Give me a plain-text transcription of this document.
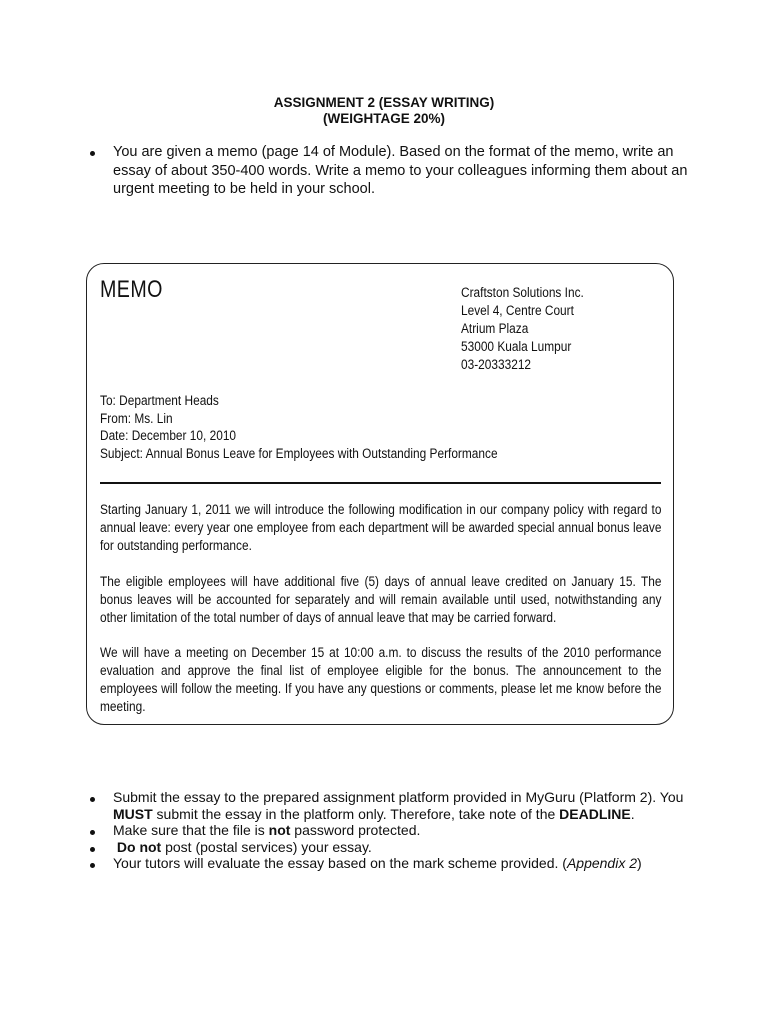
ASSIGNMENT 2 (ESSAY WRITING)
(WEIGHTAGE 20%)
You are given a memo (page 14 of Module). Based on the format of the memo, write an essay of about 350-400 words. Write a memo to your colleagues informing them about an urgent meeting to be held in your school.
MEMO	Craftston Solutions Inc.
Level 4, Centre Court
Atrium Plaza
53000 Kuala Lumpur
03-20333212
To: Department Heads
From: Ms. Lin
Date: December 10, 2010
Subject: Annual Bonus Leave for Employees with Outstanding Performance
Starting January 1, 2011 we will introduce the following modification in our company policy with regard to annual leave: every year one employee from each department will be awarded special annual bonus leave for outstanding performance.
The eligible employees will have additional five (5) days of annual leave credited on January 15. The bonus leaves will be accounted for separately and will remain available until used, notwithstanding any other limitation of the total number of days of annual leave that may be carried forward.
We will have a meeting on December 15 at 10:00 a.m. to discuss the results of the 2010 performance evaluation and approve the final list of employee eligible for the bonus. The announcement to the employees will follow the meeting. If you have any questions or comments, please let me know before the meeting.
Submit the essay to the prepared assignment platform provided in MyGuru (Platform 2). You MUST submit the essay in the platform only. Therefore, take note of the DEADLINE.
Make sure that the file is not password protected.
Do not post (postal services) your essay.
Your tutors will evaluate the essay based on the mark scheme provided. (Appendix 2)
